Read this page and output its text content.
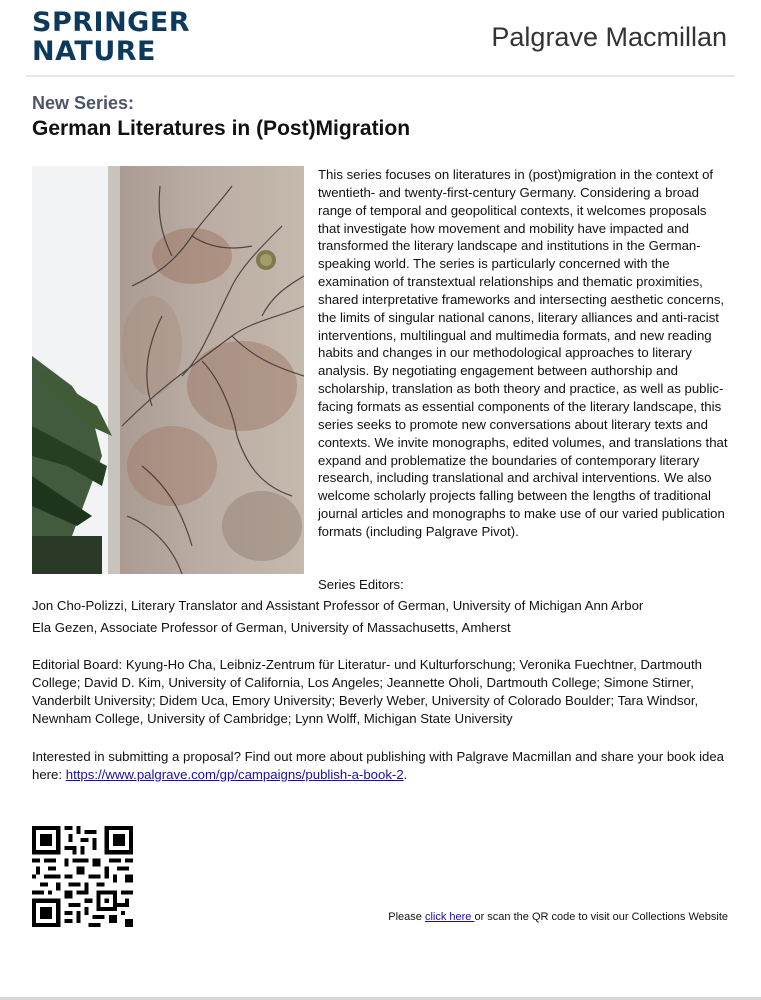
SPRINGER
NATURE	Palgrave Macmillan
New Series:
German Literatures in (Post)Migration
This series focuses on literatures in (post)migration in the context of twentieth- and twenty-first-century Germany. Considering a broad range of temporal and geopolitical contexts, it welcomes proposals that investigate how movement and mobility have impacted and transformed the literary landscape and institutions in the German-speaking world. The series is particularly concerned with the examination of transtextual relationships and thematic proximities, shared interpretative frameworks and intersecting aesthetic concerns, the limits of singular national canons, literary alliances and anti-racist interventions, multilingual and multimedia formats, and new reading habits and changes in our methodological approaches to literary analysis. By negotiating engagement between authorship and scholarship, translation as both theory and practice, as well as public-facing formats as essential components of the literary landscape, this series seeks to promote new conversations about literary texts and contexts. We invite monographs, edited volumes, and translations that expand and problematize the boundaries of contemporary literary research, including translational and archival interventions. We also welcome scholarly projects falling between the lengths of traditional journal articles and monographs to make use of our varied publication formats (including Palgrave Pivot).
Series Editors:
Jon Cho-Polizzi, Literary Translator and Assistant Professor of German, University of Michigan Ann Arbor
Ela Gezen, Associate Professor of German, University of Massachusetts, Amherst
Editorial Board: Kyung-Ho Cha, Leibniz-Zentrum für Literatur- und Kulturforschung; Veronika Fuechtner, Dartmouth College; David D. Kim, University of California, Los Angeles; Jeannette Oholi, Dartmouth College; Simone Stirner, Vanderbilt University; Didem Uca, Emory University; Beverly Weber, University of Colorado Boulder; Tara Windsor, Newnham College, University of Cambridge; Lynn Wolff, Michigan State University
Interested in submitting a proposal? Find out more about publishing with Palgrave Macmillan and share your book idea here: https://www.palgrave.com/gp/campaigns/publish-a-book-2.
Please click here or scan the QR code to visit our Collections Website
